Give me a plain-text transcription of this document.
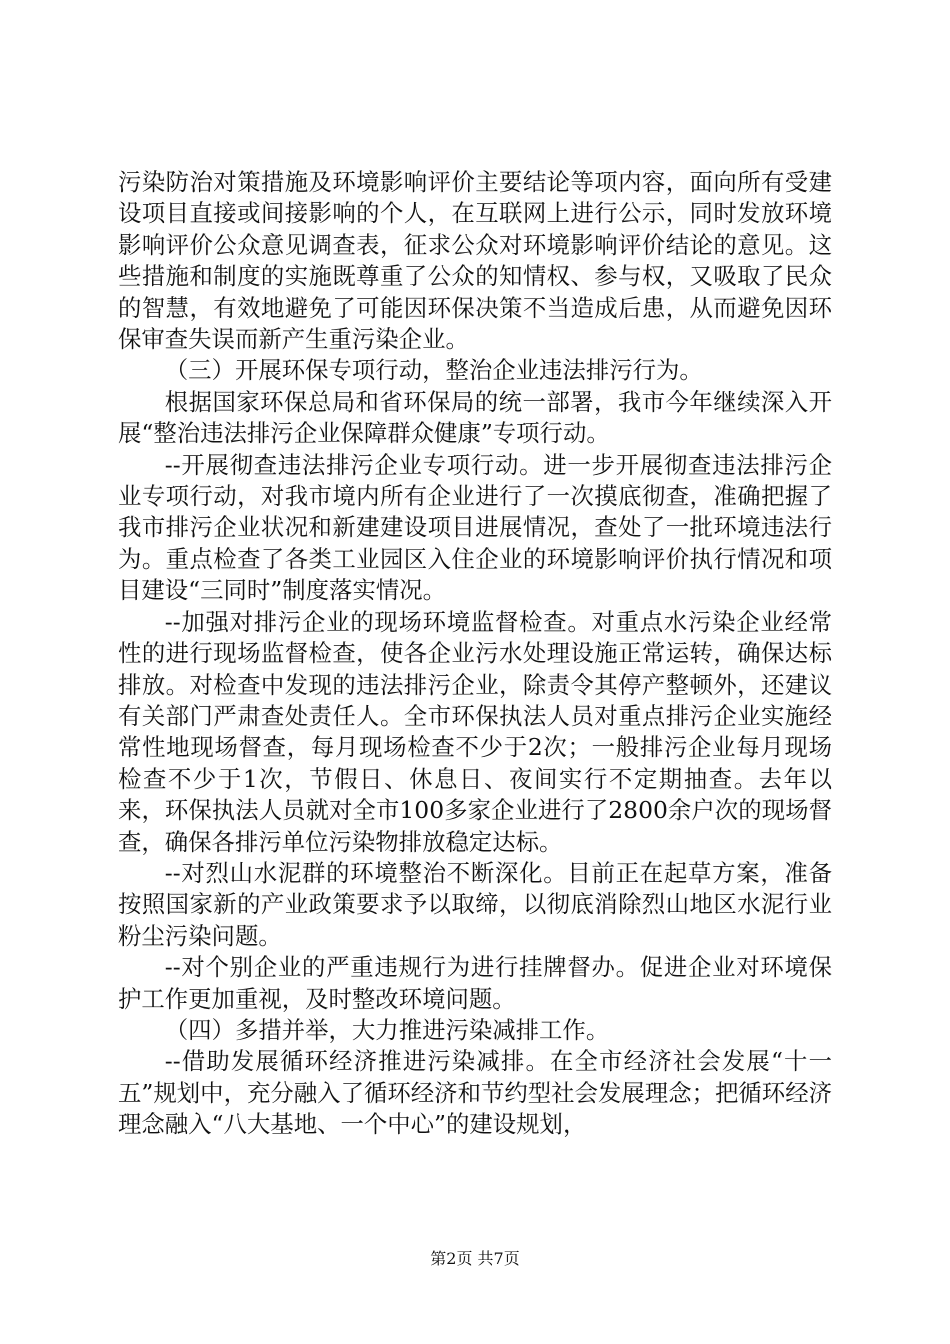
污染防治对策措施及环境影响评价主要结论等项内容，面向所有受建设项目直接或间接影响的个人，在互联网上进行公示，同时发放环境影响评价公众意见调查表，征求公众对环境影响评价结论的意见。这些措施和制度的实施既尊重了公众的知情权、参与权，又吸取了民众的智慧，有效地避免了可能因环保决策不当造成后患，从而避免因环保审查失误而新产生重污染企业。

（三）开展环保专项行动，整治企业违法排污行为。

根据国家环保总局和省环保局的统一部署，我市今年继续深入开展“整治违法排污企业保障群众健康”专项行动。

--开展彻查违法排污企业专项行动。进一步开展彻查违法排污企业专项行动，对我市境内所有企业进行了一次摸底彻查，准确把握了我市排污企业状况和新建建设项目进展情况，查处了一批环境违法行为。重点检查了各类工业园区入住企业的环境影响评价执行情况和项目建设“三同时”制度落实情况。

--加强对排污企业的现场环境监督检查。对重点水污染企业经常性的进行现场监督检查，使各企业污水处理设施正常运转，确保达标排放。对检查中发现的违法排污企业，除责令其停产整顿外，还建议有关部门严肃查处责任人。全市环保执法人员对重点排污企业实施经常性地现场督查，每月现场检查不少于2次；一般排污企业每月现场检查不少于1次，节假日、休息日、夜间实行不定期抽查。去年以来，环保执法人员就对全市100多家企业进行了2800余户次的现场督查，确保各排污单位污染物排放稳定达标。

--对烈山水泥群的环境整治不断深化。目前正在起草方案，准备按照国家新的产业政策要求予以取缔，以彻底消除烈山地区水泥行业粉尘污染问题。

--对个别企业的严重违规行为进行挂牌督办。促进企业对环境保护工作更加重视，及时整改环境问题。

（四）多措并举，大力推进污染减排工作。

--借助发展循环经济推进污染减排。在全市经济社会发展“十一五”规划中，充分融入了循环经济和节约型社会发展理念；把循环经济理念融入“八大基地、一个中心”的建设规划，

第2页 共7页
